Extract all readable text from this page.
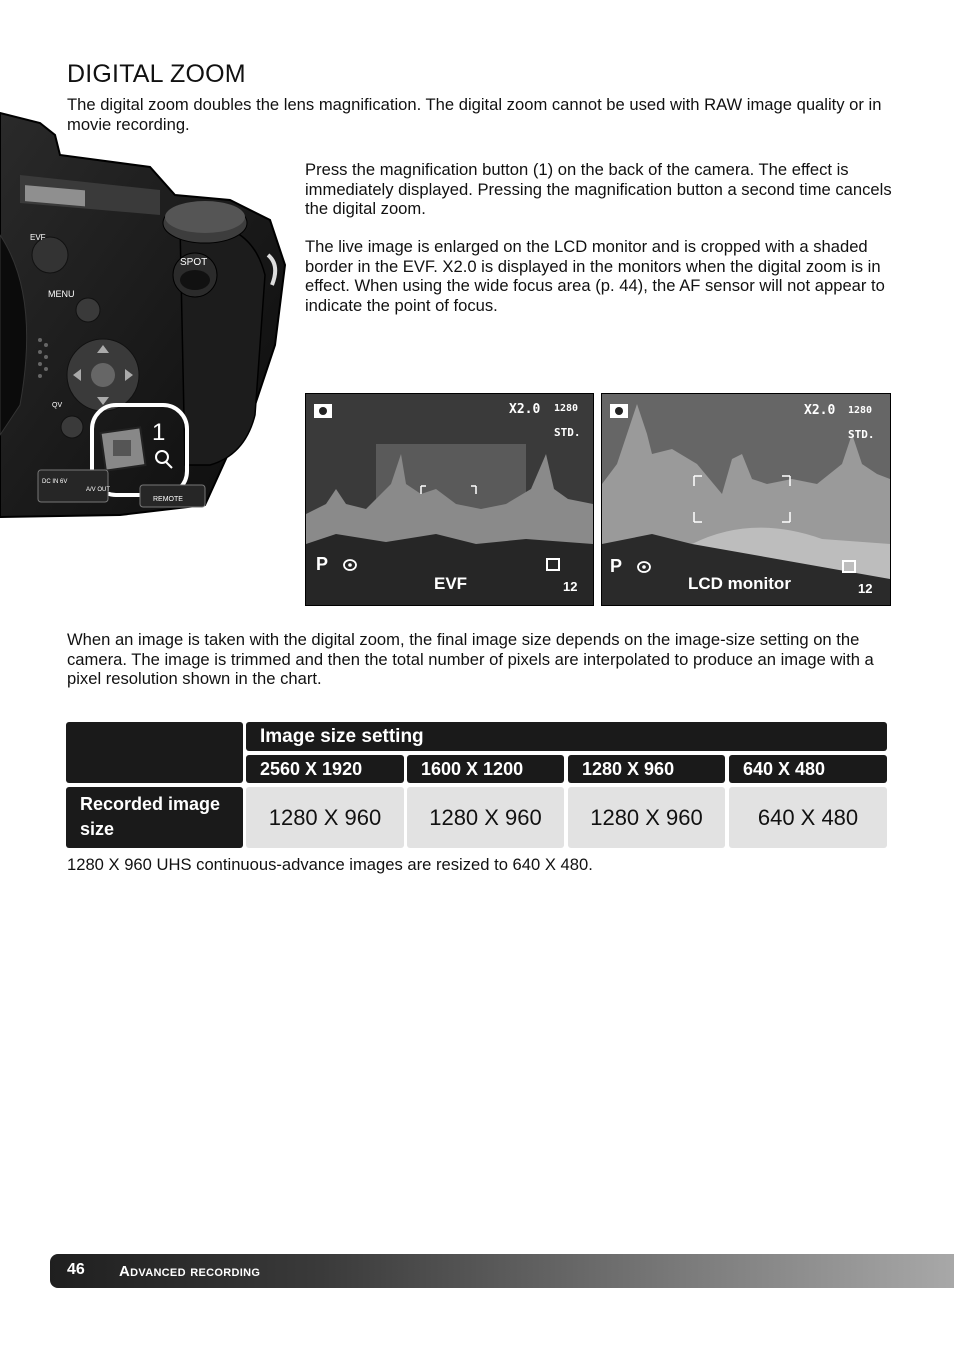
DIGITAL ZOOM

The digital zoom doubles the lens magnification. The digital zoom cannot be used with RAW image quality or in movie recording.

SPOT
EVF
MENU
QV
1
DC IN 6V
A/V OUT
REMOTE

Press the magnification button (1) on the back of the camera. The effect is immediately displayed. Pressing the magnification button a second time cancels the digital zoom.

The live image is enlarged on the LCD monitor and is cropped with a shaded border in the EVF. X2.0 is displayed in the monitors when the digital zoom is in effect. When using the wide focus area (p. 44), the AF sensor will not appear to indicate the point of focus.

X2.0 1280
STD.
P
12
EVF
X2.0 1280
STD.
P
12
LCD monitor

When an image is taken with the digital zoom, the final image size depends on the image-size setting on the camera. The image is trimmed and then the total number of pixels are interpolated to produce an image with a pixel resolution shown in the chart.

Image size setting
2560 X 1920	1600 X 1200	1280 X 960	640 X 480
Recorded image size	1280 X 960	1280 X 960	1280 X 960	640 X 480

1280 X 960 UHS continuous-advance images are resized to 640 X 480.

46 Advanced recording
